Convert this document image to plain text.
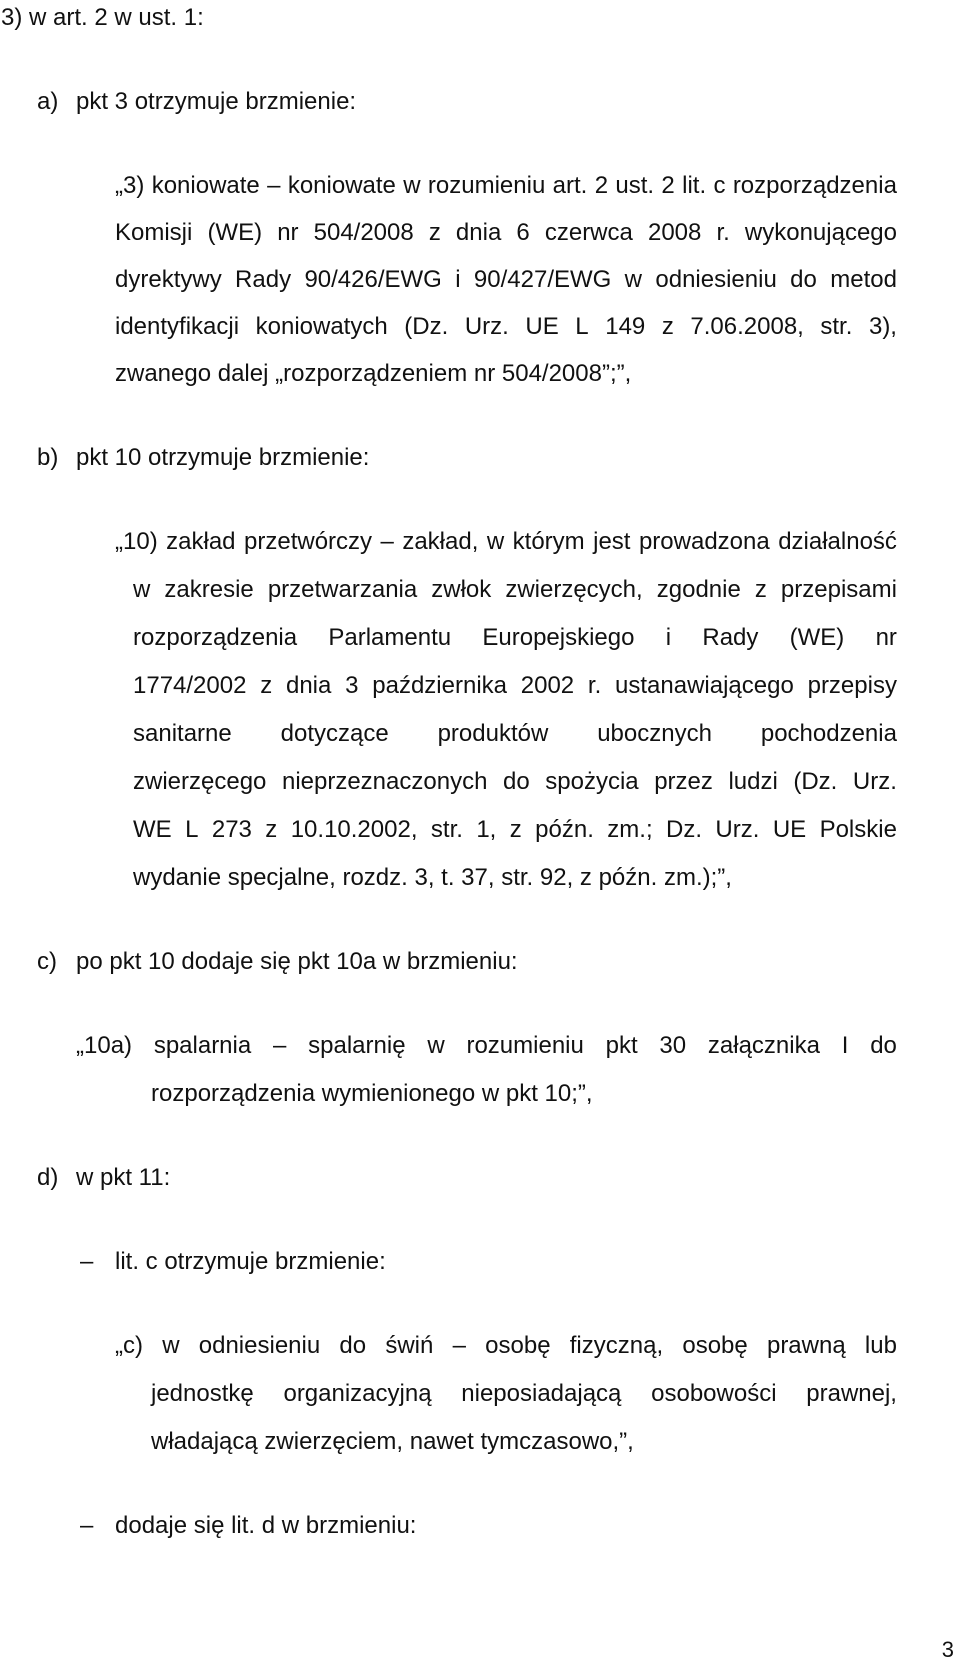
3) w art. 2 w ust. 1:
a) pkt 3 otrzymuje brzmienie:
„3) koniowate – koniowate w rozumieniu art. 2 ust. 2 lit. c rozporządzenia
Komisji (WE) nr 504/2008 z dnia 6 czerwca 2008 r. wykonującego
dyrektywy Rady 90/426/EWG i 90/427/EWG w odniesieniu do metod
identyfikacji koniowatych (Dz. Urz. UE L 149 z 7.06.2008, str. 3),
zwanego dalej „rozporządzeniem nr 504/2008”;”,
b) pkt 10 otrzymuje brzmienie:
„10) zakład przetwórczy – zakład, w którym jest prowadzona działalność
w zakresie przetwarzania zwłok zwierzęcych, zgodnie z przepisami
rozporządzenia Parlamentu Europejskiego i Rady (WE) nr
1774/2002 z dnia 3 października 2002 r. ustanawiającego przepisy
sanitarne dotyczące produktów ubocznych pochodzenia
zwierzęcego nieprzeznaczonych do spożycia przez ludzi (Dz. Urz.
WE L 273 z 10.10.2002, str. 1, z późn. zm.; Dz. Urz. UE Polskie
wydanie specjalne, rozdz. 3, t. 37, str. 92, z późn. zm.);”,
c) po pkt 10 dodaje się pkt 10a w brzmieniu:
„10a) spalarnia – spalarnię w rozumieniu pkt 30 załącznika I do
rozporządzenia wymienionego w pkt 10;”,
d) w pkt 11:
– lit. c otrzymuje brzmienie:
„c) w odniesieniu do świń – osobę fizyczną, osobę prawną lub
jednostkę organizacyjną nieposiadającą osobowości prawnej,
władającą zwierzęciem, nawet tymczasowo,”,
– dodaje się lit. d w brzmieniu:
3
